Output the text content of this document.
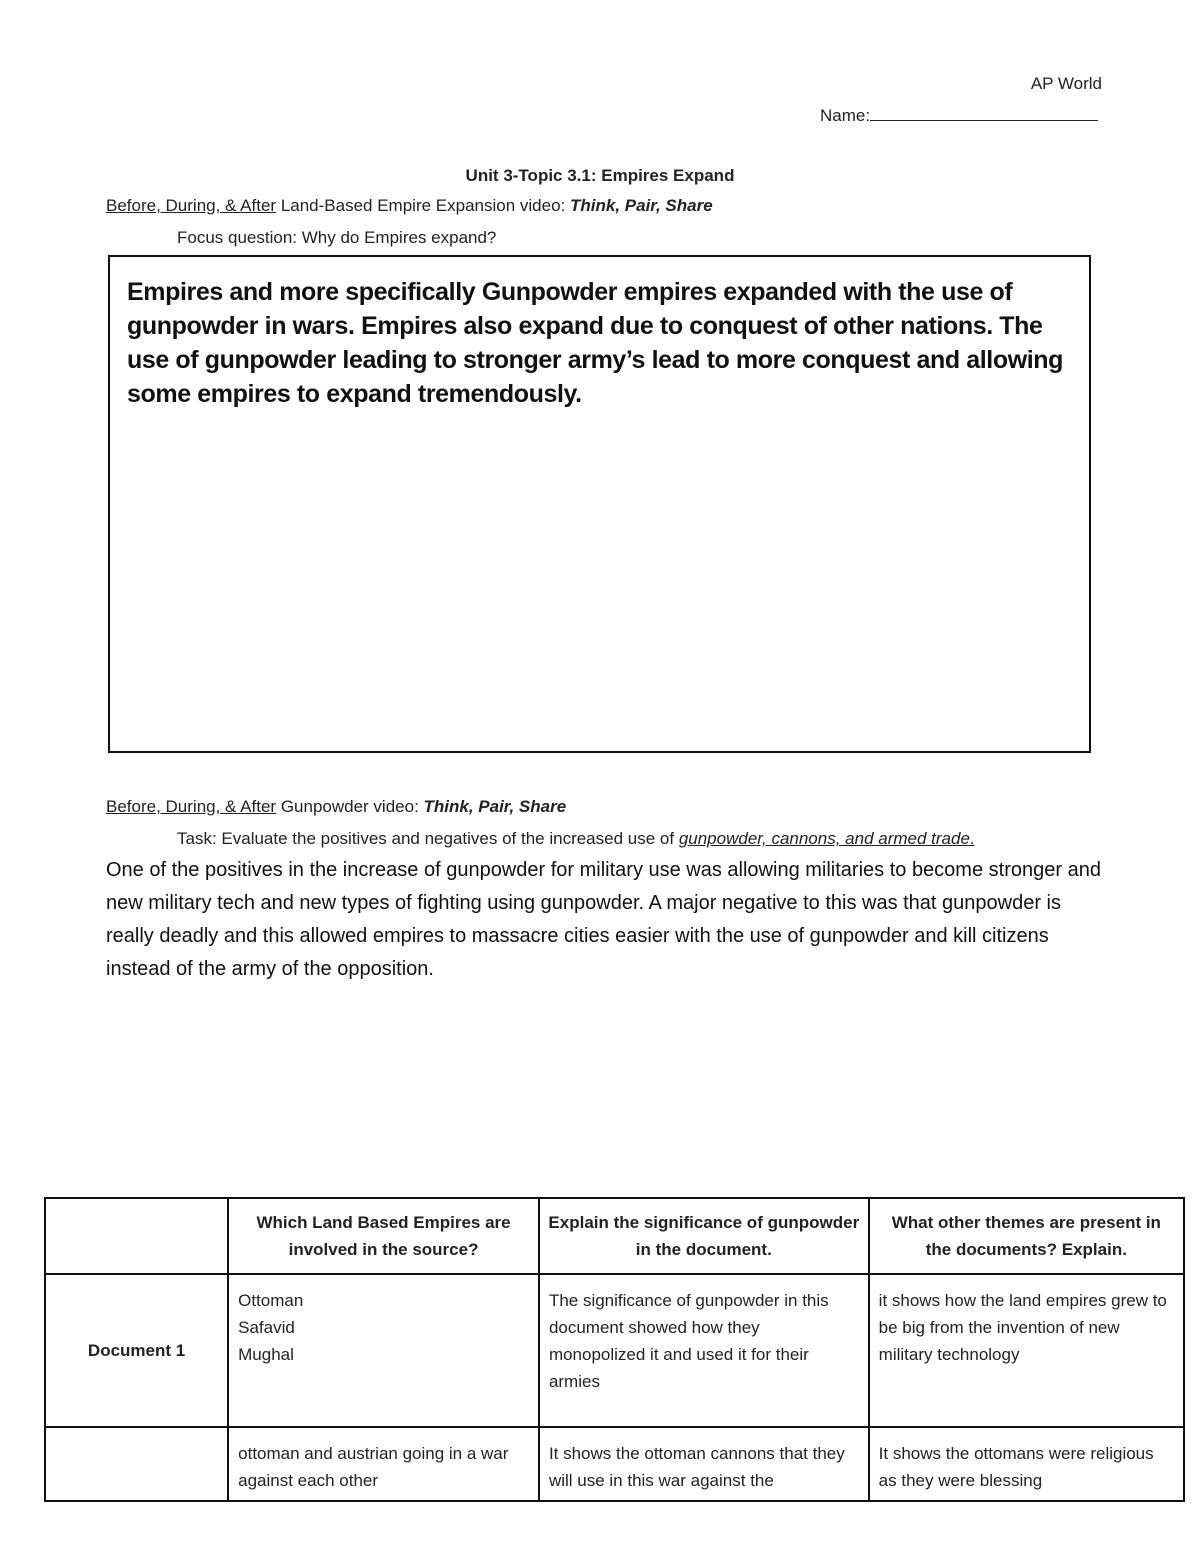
AP World
Name:
Unit 3-Topic 3.1: Empires Expand
Before, During, & After Land-Based Empire Expansion video: Think, Pair, Share
Focus question: Why do Empires expand?
Empires and more specifically Gunpowder empires expanded with the use of gunpowder in wars. Empires also expand due to conquest of other nations. The use of gunpowder leading to stronger army’s lead to more conquest and allowing some empires to expand tremendously.
Before, During, & After Gunpowder video: Think, Pair, Share
Task: Evaluate the positives and negatives of the increased use of gunpowder, cannons, and armed trade.
One of the positives in the increase of gunpowder for military use was allowing militaries to become stronger and new military tech and new types of fighting using gunpowder. A major negative to this was that gunpowder is really deadly and this allowed empires to massacre cities easier with the use of gunpowder and kill citizens instead of the army of the opposition.
	Which Land Based Empires are involved in the source?	Explain the significance of gunpowder in the document.	What other themes are present in the documents? Explain.
Document 1	Ottoman
Safavid
Mughal	The significance of gunpowder in this document showed how they monopolized it and used it for their armies	it shows how the land empires grew to be big from the invention of new military technology

	ottoman and austrian going in a war against each other	It shows the ottoman cannons that they will use in this war against the	It shows the ottomans were religious as they were blessing
